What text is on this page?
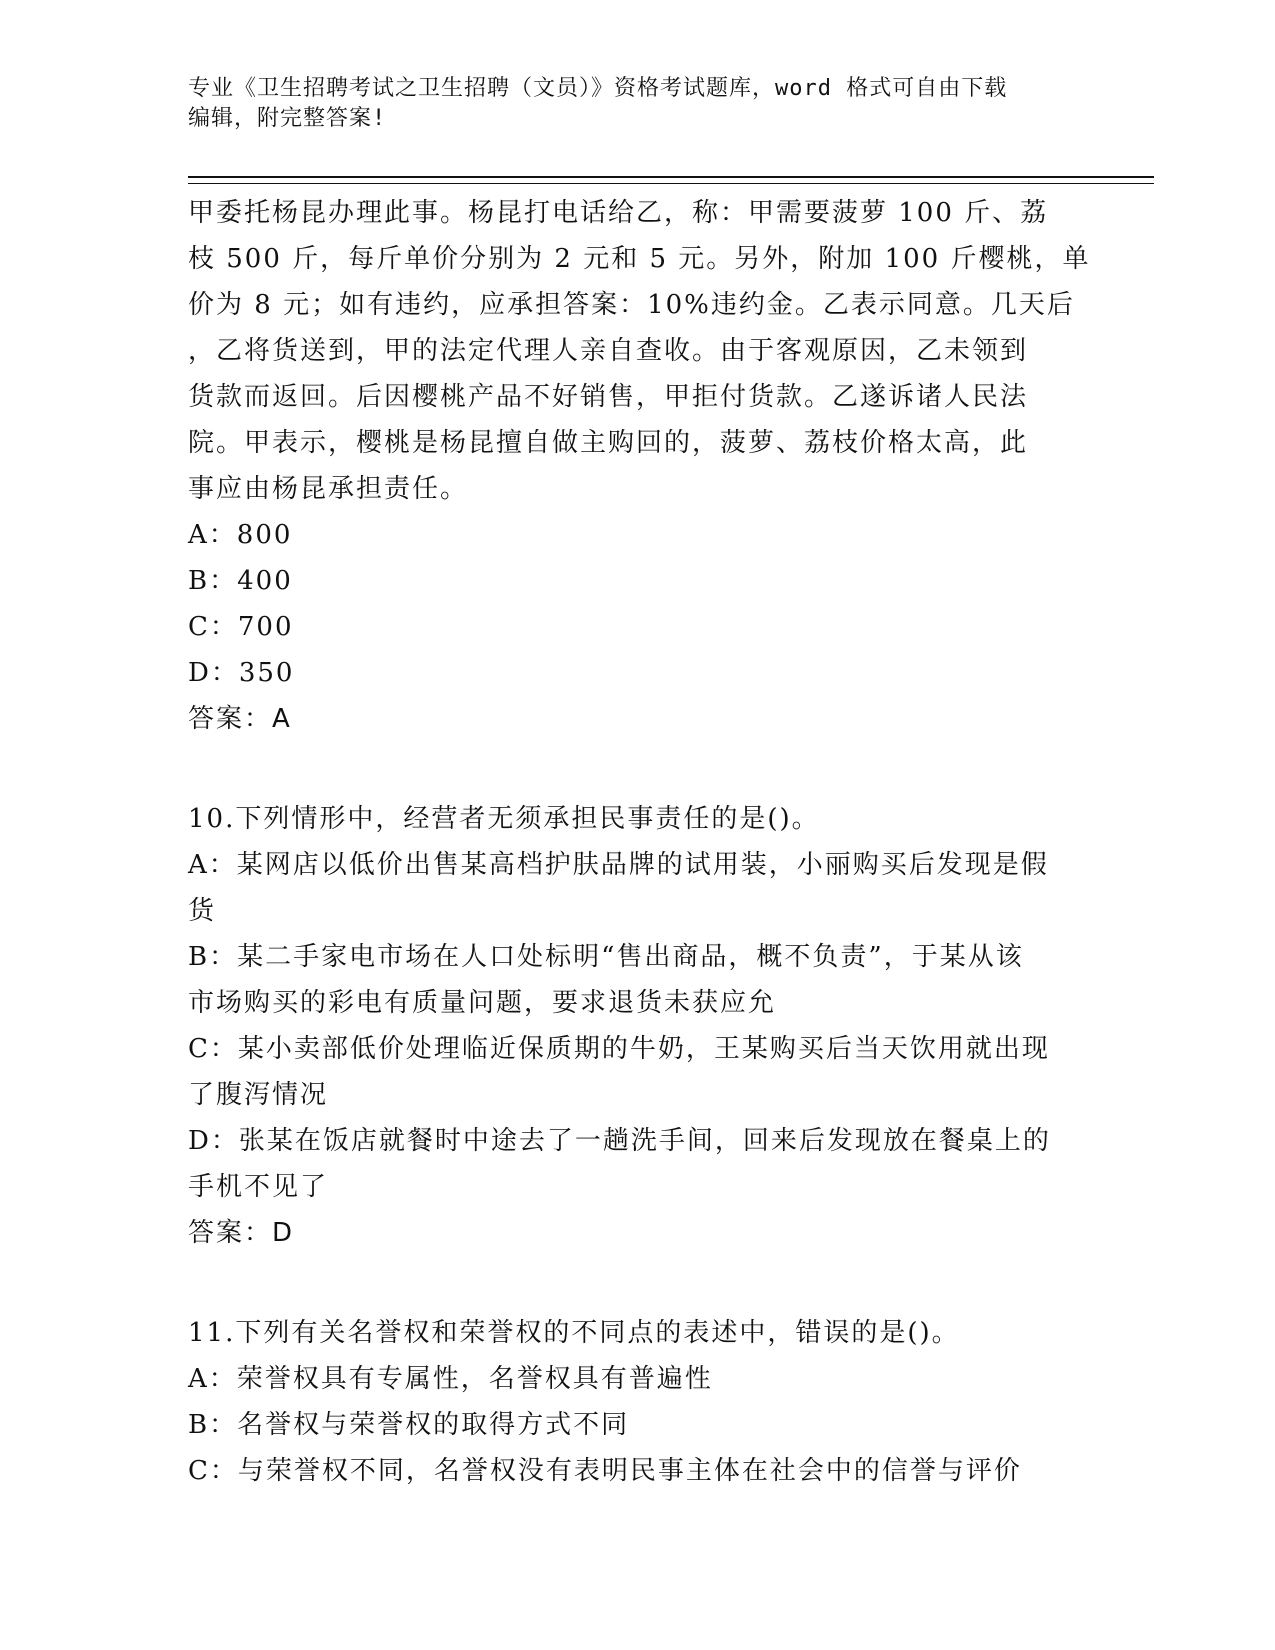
专业《卫生招聘考试之卫生招聘（文员）》资格考试题库，word 格式可自由下载
编辑，附完整答案!
甲委托杨昆办理此事。杨昆打电话给乙，称：甲需要菠萝 100 斤、荔
枝 500 斤，每斤单价分别为 2 元和 5 元。另外，附加 100 斤樱桃，单
价为 8 元；如有违约，应承担答案：10%违约金。乙表示同意。几天后
，乙将货送到，甲的法定代理人亲自查收。由于客观原因，乙未领到
货款而返回。后因樱桃产品不好销售，甲拒付货款。乙遂诉诸人民法
院。甲表示，樱桃是杨昆擅自做主购回的，菠萝、荔枝价格太高，此
事应由杨昆承担责任。
A：800
B：400
C：700
D：350
答案：A
10.下列情形中，经营者无须承担民事责任的是()。
A：某网店以低价出售某高档护肤品牌的试用装，小丽购买后发现是假
货
B：某二手家电市场在人口处标明“售出商品，概不负责”，于某从该
市场购买的彩电有质量问题，要求退货未获应允
C：某小卖部低价处理临近保质期的牛奶，王某购买后当天饮用就出现
了腹泻情况
D：张某在饭店就餐时中途去了一趟洗手间，回来后发现放在餐桌上的
手机不见了
答案：D
11.下列有关名誉权和荣誉权的不同点的表述中，错误的是()。
A：荣誉权具有专属性，名誉权具有普遍性
B：名誉权与荣誉权的取得方式不同
C：与荣誉权不同，名誉权没有表明民事主体在社会中的信誉与评价
